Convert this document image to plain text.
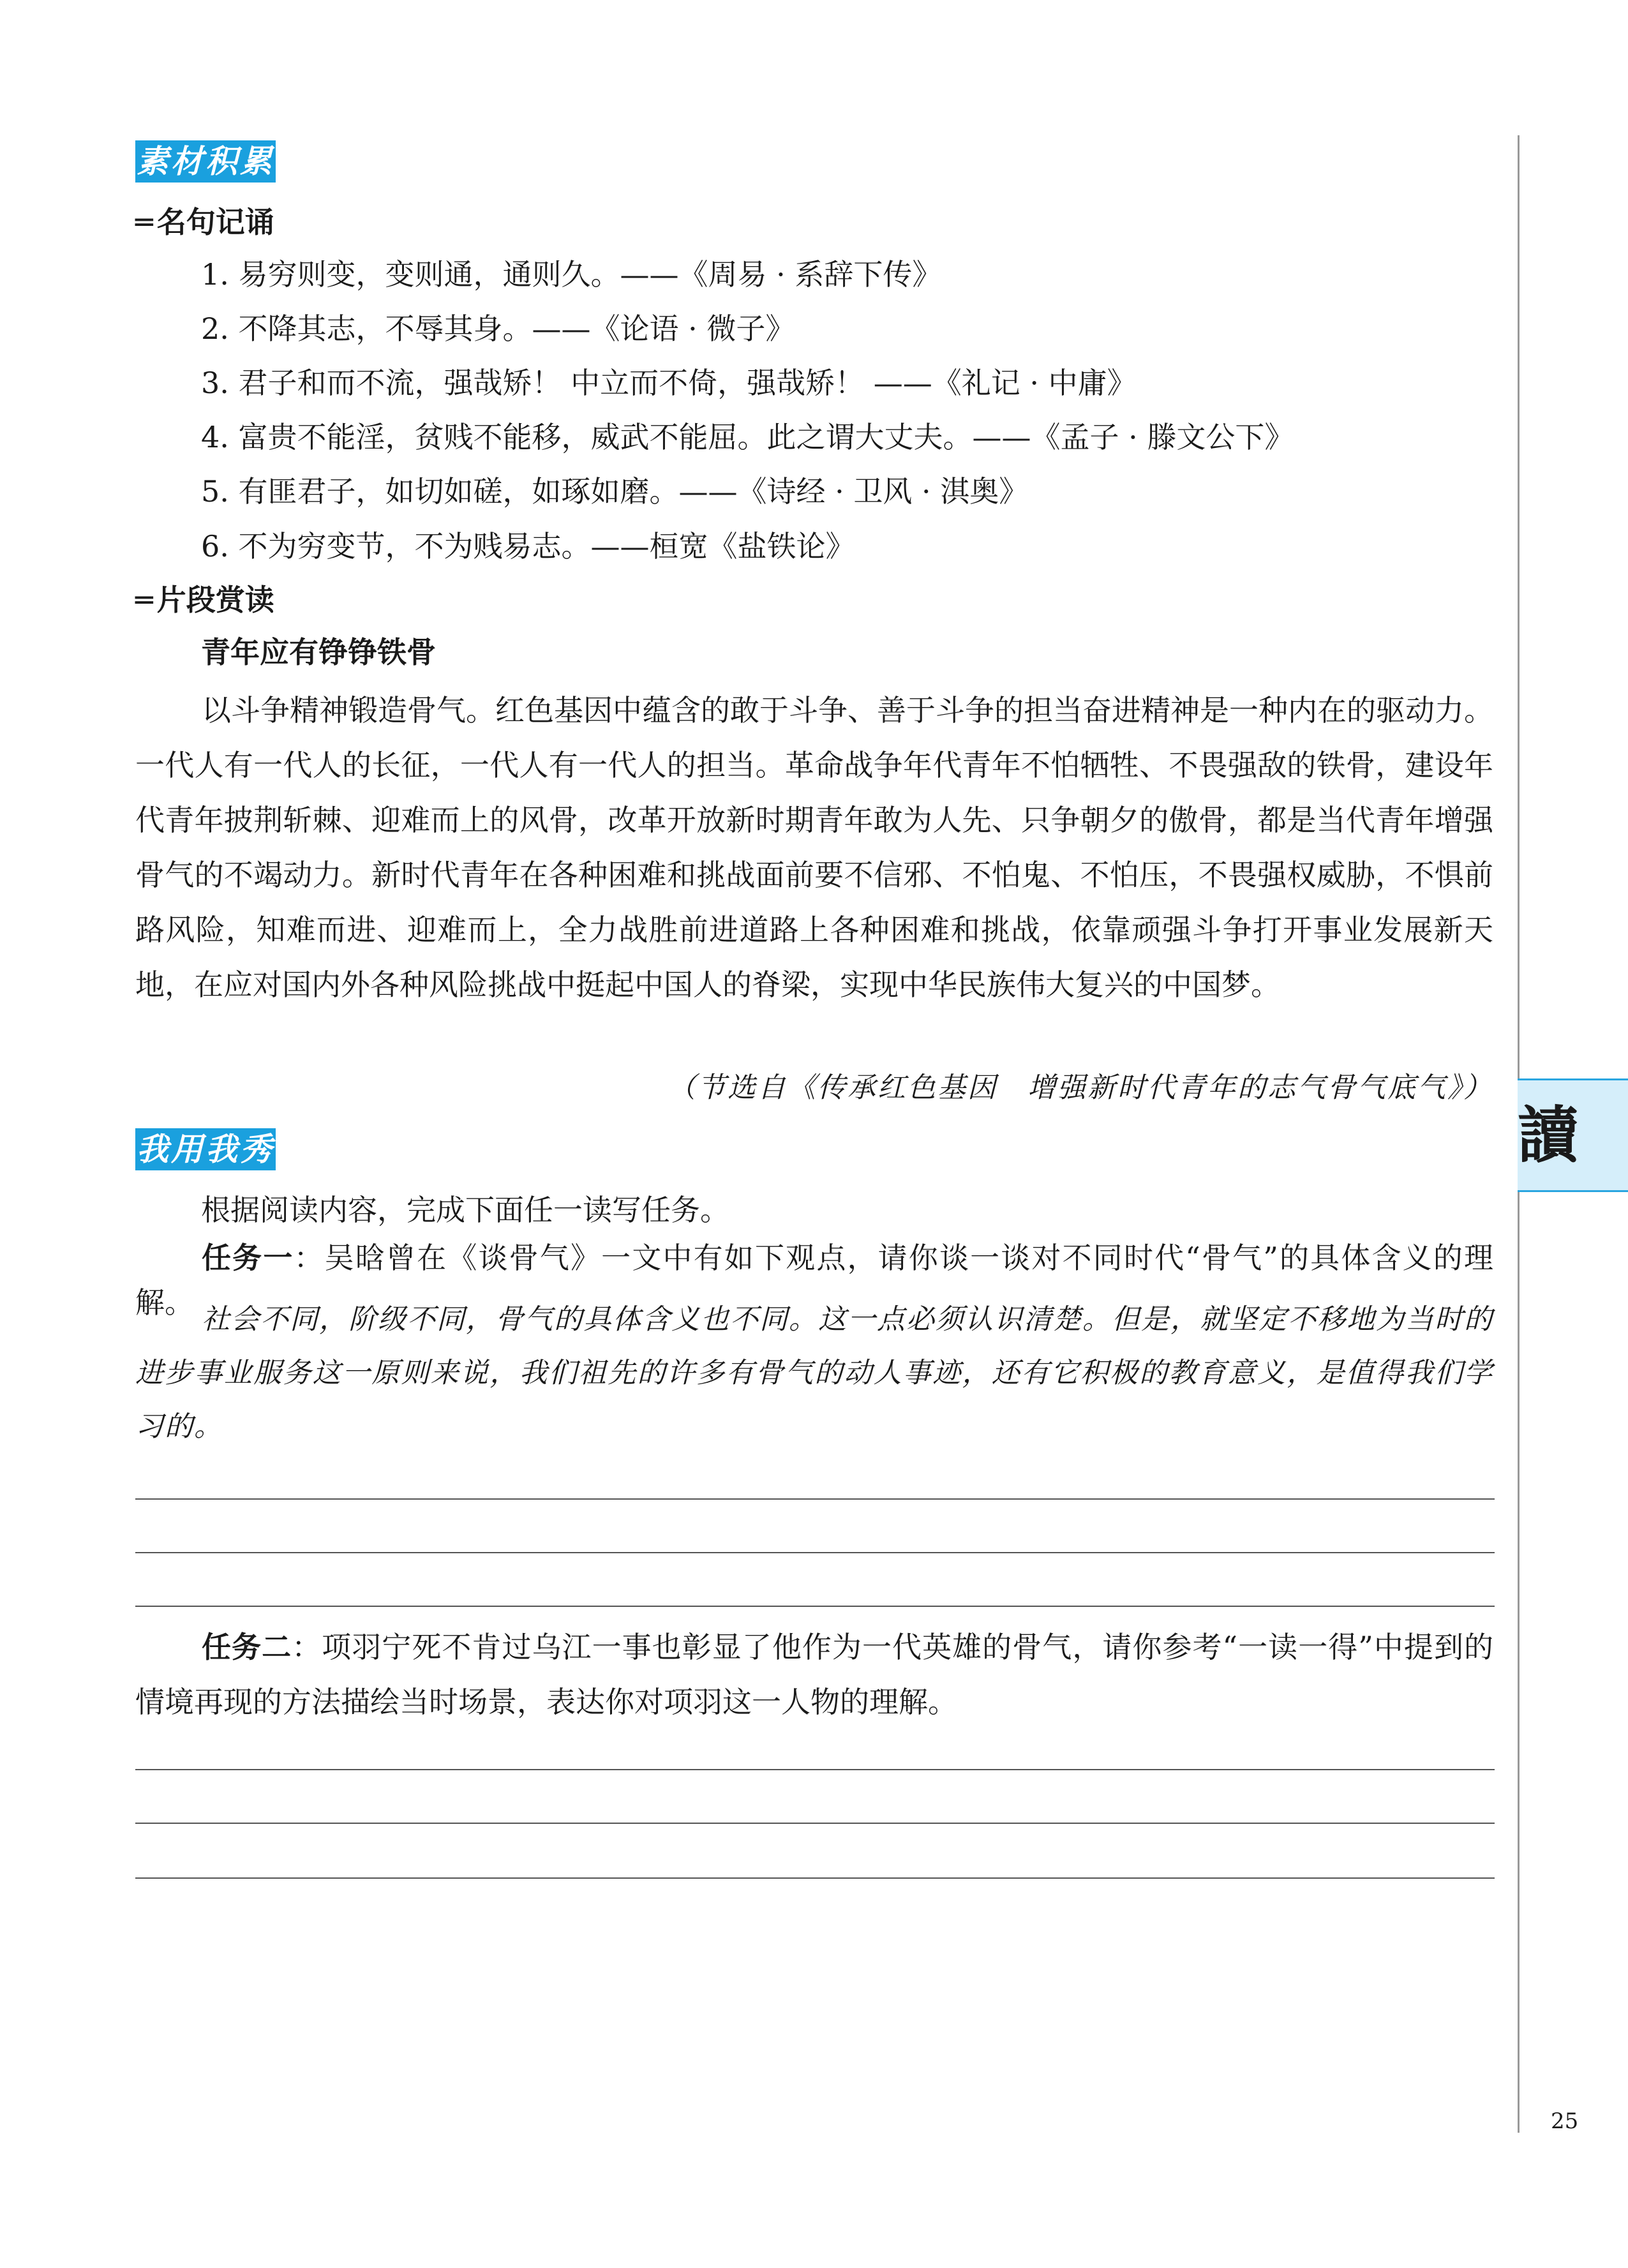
素材积累
═ 名句记诵
1. 易穷则变，变则通，通则久。——《周易 · 系辞下传》
2. 不降其志，不辱其身。——《论语 · 微子》
3. 君子和而不流，强哉矫！ 中立而不倚，强哉矫！ ——《礼记 · 中庸》
4. 富贵不能淫，贫贱不能移，威武不能屈。此之谓大丈夫。——《孟子 · 滕文公下》
5. 有匪君子，如切如磋，如琢如磨。——《诗经 · 卫风 · 淇奥》
6. 不为穷变节，不为贱易志。——桓宽《盐铁论》
═ 片段赏读
青年应有铮铮铁骨
以斗争精神锻造骨气。红色基因中蕴含的敢于斗争、善于斗争的担当奋进精神是一种内在的驱动力。一代人有一代人的长征，一代人有一代人的担当。革命战争年代青年不怕牺牲、不畏强敌的铁骨，建设年代青年披荆斩棘、迎难而上的风骨，改革开放新时期青年敢为人先、只争朝夕的傲骨，都是当代青年增强骨气的不竭动力。新时代青年在各种困难和挑战面前要不信邪、不怕鬼、不怕压，不畏强权威胁，不惧前路风险，知难而进、迎难而上，全力战胜前进道路上各种困难和挑战，依靠顽强斗争打开事业发展新天地，在应对国内外各种风险挑战中挺起中国人的脊梁，实现中华民族伟大复兴的中国梦。
（节选自《传承红色基因　增强新时代青年的志气骨气底气》）
我用我秀
根据阅读内容，完成下面任一读写任务。
任务一：吴晗曾在《谈骨气》一文中有如下观点，请你谈一谈对不同时代“骨气”的具体含义的理解。 社会不同，阶级不同，骨气的具体含义也不同。这一点必须认识清楚。但是，就坚定不移地为当时的进步事业服务这一原则来说，我们祖先的许多有骨气的动人事迹，还有它积极的教育意义，是值得我们学习的。
任务二：项羽宁死不肯过乌江一事也彰显了他作为一代英雄的骨气，请你参考“一读一得”中提到的情境再现的方法描绘当时场景，表达你对项羽这一人物的理解。
讀
25
